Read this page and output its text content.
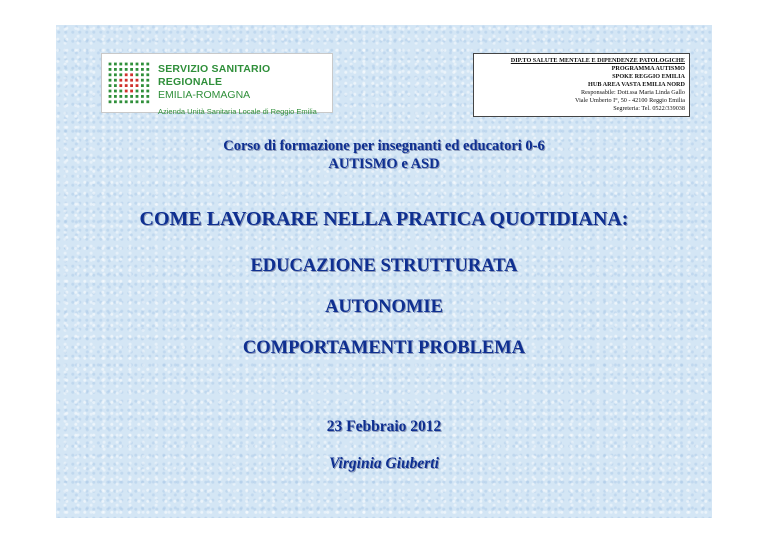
SERVIZIO SANITARIO REGIONALE
EMILIA-ROMAGNA
Azienda Unità Sanitaria Locale di Reggio Emilia
DIP.TO SALUTE MENTALE E DIPENDENZE PATOLOGICHE
PROGRAMMA AUTISMO
SPOKE REGGIO EMILIA
HUB AREA VASTA EMILIA NORD
Responsabile: Dott.ssa Maria Linda Gallo
Viale Umberto I°, 50 - 42100 Reggio Emilia
Segreteria: Tel. 0522/339038
Corso di formazione per insegnanti ed educatori 0-6
AUTISMO e ASD
COME LAVORARE NELLA PRATICA QUOTIDIANA:
EDUCAZIONE STRUTTURATA
AUTONOMIE
COMPORTAMENTI PROBLEMA
23 Febbraio 2012
Virginia Giuberti
